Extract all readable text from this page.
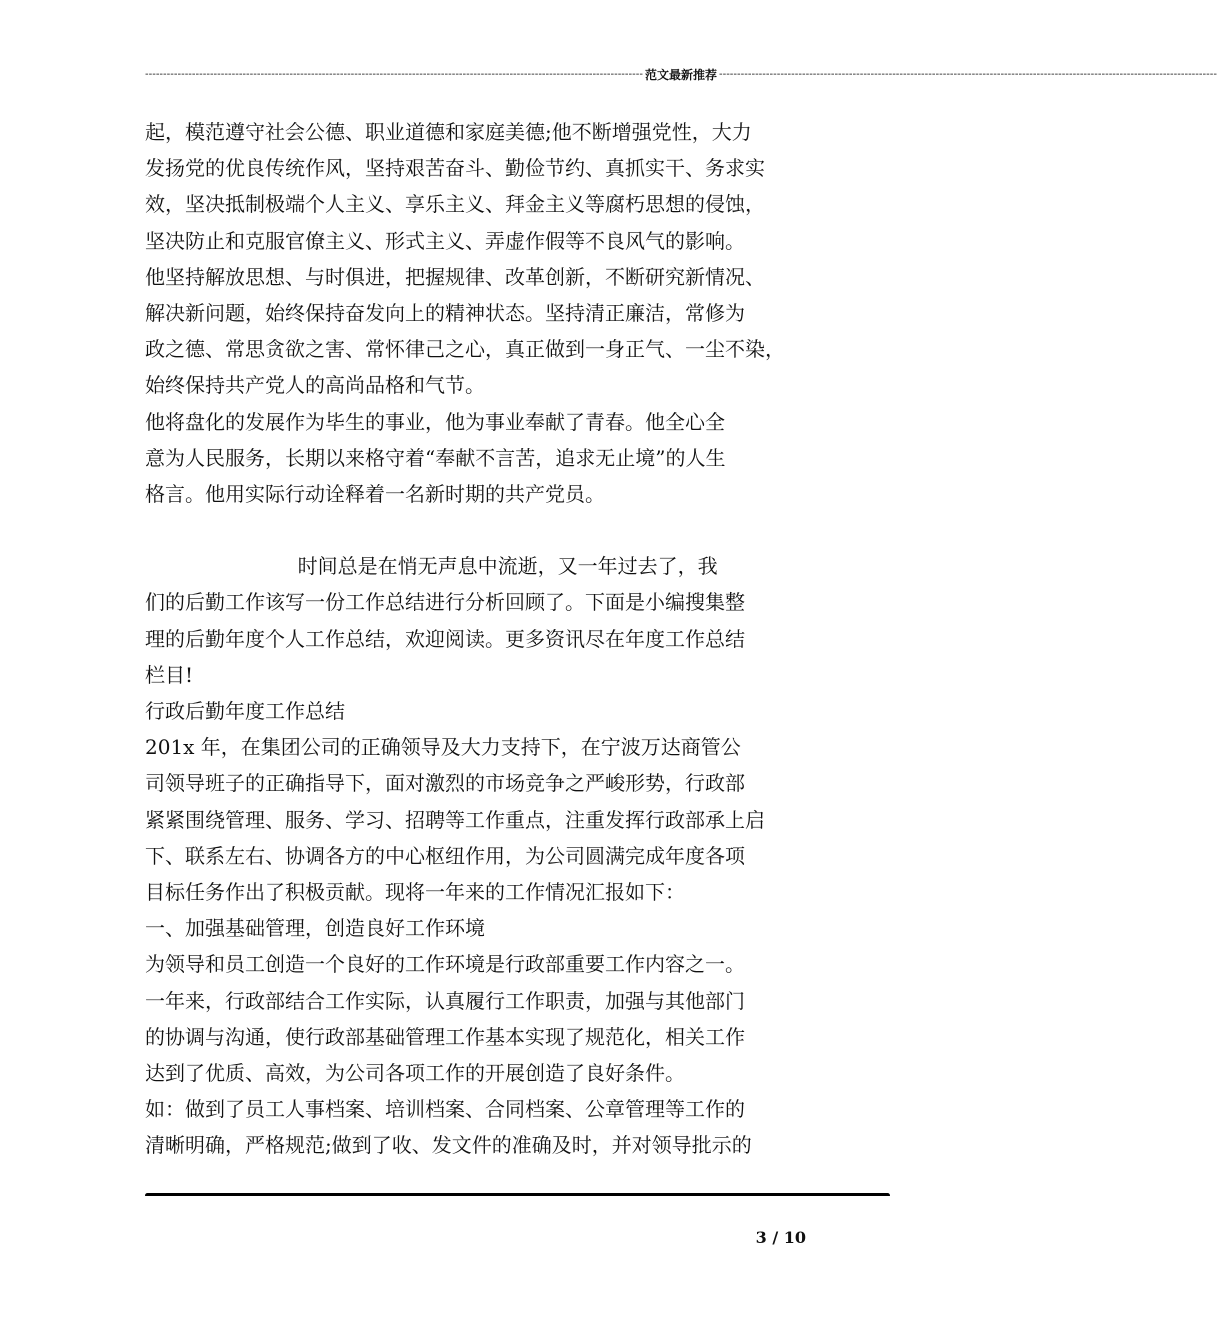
------------------------------------------------------------------------------------------------------------------------------------------ 范文最新推荐 ------------------------------------------------------------------------------------------------------------------------------------------
起，模范遵守社会公德、职业道德和家庭美德;他不断增强党性，大力
发扬党的优良传统作风，坚持艰苦奋斗、勤俭节约、真抓实干、务求实
效，坚决抵制极端个人主义、享乐主义、拜金主义等腐朽思想的侵蚀，
坚决防止和克服官僚主义、形式主义、弄虚作假等不良风气的影响。
他坚持解放思想、与时俱进，把握规律、改革创新，不断研究新情况、
解决新问题，始终保持奋发向上的精神状态。坚持清正廉洁，常修为
政之德、常思贪欲之害、常怀律己之心，真正做到一身正气、一尘不染，
始终保持共产党人的高尚品格和气节。
他将盘化的发展作为毕生的事业，他为事业奉献了青春。他全心全
意为人民服务，长期以来格守着“奉献不言苦，追求无止境”的人生
格言。他用实际行动诠释着一名新时期的共产党员。
时间总是在悄无声息中流逝，又一年过去了，我
们的后勤工作该写一份工作总结进行分析回顾了。下面是小编搜集整
理的后勤年度个人工作总结，欢迎阅读。更多资讯尽在年度工作总结
栏目!
行政后勤年度工作总结
201x 年，在集团公司的正确领导及大力支持下，在宁波万达商管公
司领导班子的正确指导下，面对激烈的市场竞争之严峻形势，行政部
紧紧围绕管理、服务、学习、招聘等工作重点，注重发挥行政部承上启
下、联系左右、协调各方的中心枢纽作用，为公司圆满完成年度各项
目标任务作出了积极贡献。现将一年来的工作情况汇报如下：
一、加强基础管理，创造良好工作环境
为领导和员工创造一个良好的工作环境是行政部重要工作内容之一。
一年来，行政部结合工作实际，认真履行工作职责，加强与其他部门
的协调与沟通，使行政部基础管理工作基本实现了规范化，相关工作
达到了优质、高效，为公司各项工作的开展创造了良好条件。
如：做到了员工人事档案、培训档案、合同档案、公章管理等工作的
清晰明确，严格规范;做到了收、发文件的准确及时，并对领导批示的
3 / 10
